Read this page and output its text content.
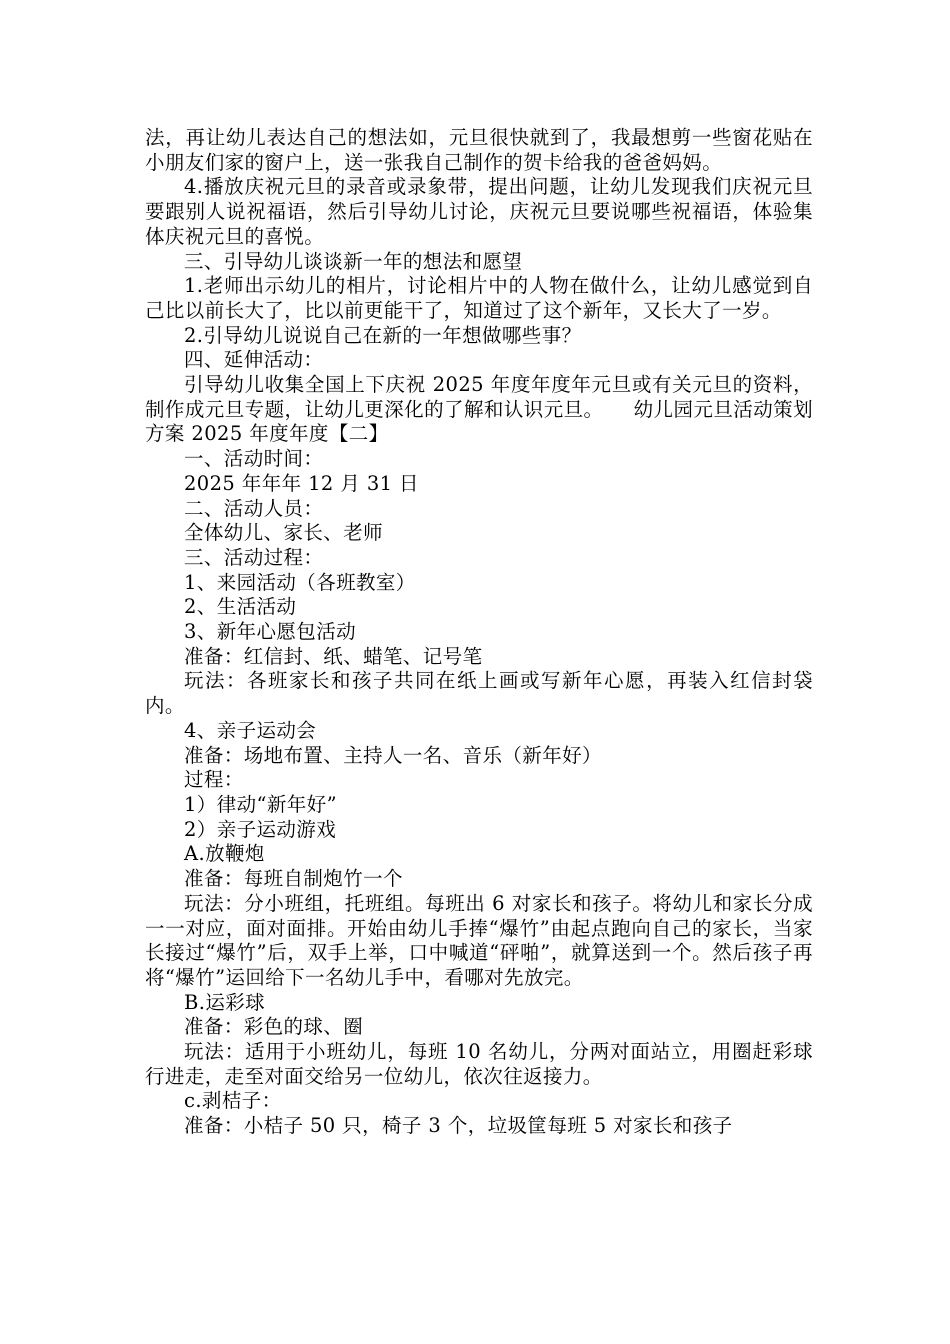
法，再让幼儿表达自己的想法如，元旦很快就到了，我最想剪一些窗花贴在小朋友们家的窗户上，送一张我自己制作的贺卡给我的爸爸妈妈。

4.播放庆祝元旦的录音或录象带，提出问题，让幼儿发现我们庆祝元旦要跟别人说祝福语，然后引导幼儿讨论，庆祝元旦要说哪些祝福语，体验集体庆祝元旦的喜悦。

三、引导幼儿谈谈新一年的想法和愿望

1.老师出示幼儿的相片，讨论相片中的人物在做什么，让幼儿感觉到自己比以前长大了，比以前更能干了，知道过了这个新年，又长大了一岁。

2.引导幼儿说说自己在新的一年想做哪些事？

四、延伸活动：

引导幼儿收集全国上下庆祝 2025 年度年度年元旦或有关元旦的资料，制作成元旦专题，让幼儿更深化的了解和认识元旦。　　幼儿园元旦活动策划方案 2025 年度年度【二】

一、活动时间：

2025 年年年 12 月 31 日

二、活动人员：

全体幼儿、家长、老师

三、活动过程：

1、来园活动（各班教室）

2、生活活动

3、新年心愿包活动

准备：红信封、纸、蜡笔、记号笔

玩法：各班家长和孩子共同在纸上画或写新年心愿，再装入红信封袋内。

4、亲子运动会

准备：场地布置、主持人一名、音乐（新年好）

过程：

1）律动“新年好”

2）亲子运动游戏

A.放鞭炮

准备：每班自制炮竹一个

玩法：分小班组，托班组。每班出 6 对家长和孩子。将幼儿和家长分成一一对应，面对面排。开始由幼儿手捧“爆竹”由起点跑向自己的家长，当家长接过“爆竹”后，双手上举，口中喊道“砰啪”，就算送到一个。然后孩子再将“爆竹”运回给下一名幼儿手中，看哪对先放完。

B.运彩球

准备：彩色的球、圈

玩法：适用于小班幼儿，每班 10 名幼儿，分两对面站立，用圈赶彩球行进走，走至对面交给另一位幼儿，依次往返接力。

c.剥桔子：

准备：小桔子 50 只，椅子 3 个，垃圾筐每班 5 对家长和孩子
